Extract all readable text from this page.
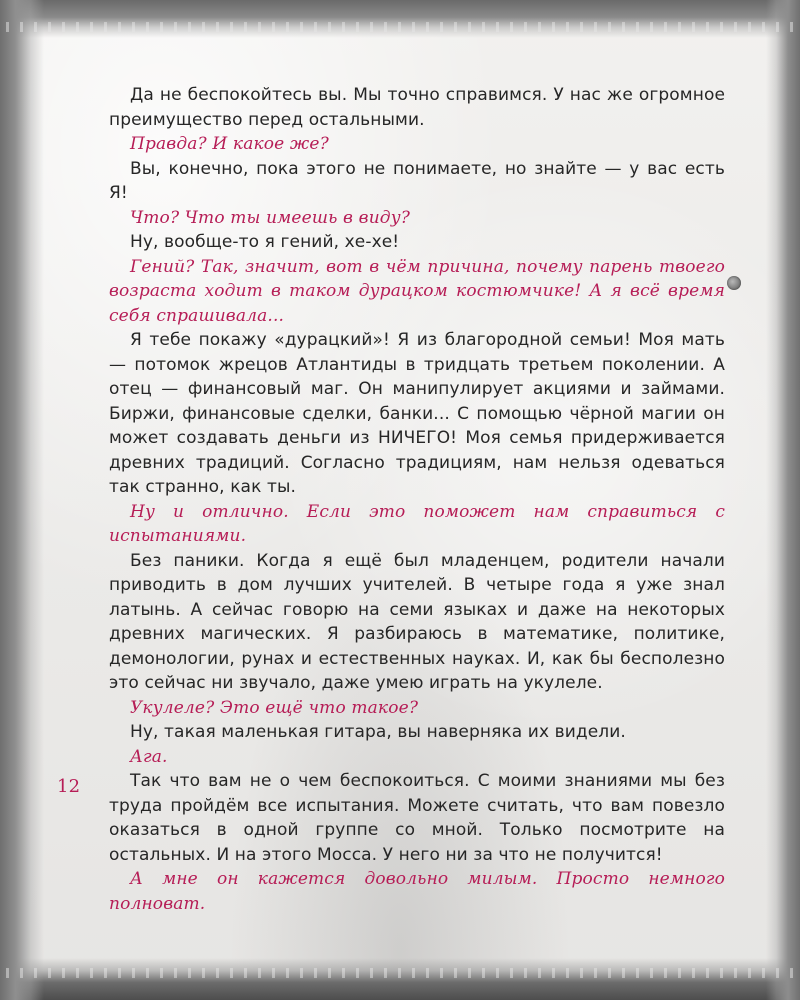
Да не беспокойтесь вы. Мы точно справимся. У нас же огромное преимущество перед остальными.

Правда? И какое же?

Вы, конечно, пока этого не понимаете, но знайте — у вас есть Я!

Что? Что ты имеешь в виду?

Ну, вообще-то я гений, хе-хе!

Гений? Так, значит, вот в чём причина, почему парень твоего возраста ходит в таком дурацком костюмчике! А я всё время себя спрашивала...

Я тебе покажу «дурацкий»! Я из благородной семьи! Моя мать — потомок жрецов Атлантиды в тридцать третьем поколении. А отец — финансовый маг. Он манипулирует акциями и займами. Биржи, финансовые сделки, банки... С помощью чёрной магии он может создавать деньги из НИЧЕГО! Моя семья придерживается древних традиций. Согласно традициям, нам нельзя одеваться так странно, как ты.

Ну и отлично. Если это поможет нам справиться с испытаниями.

Без паники. Когда я ещё был младенцем, родители начали приводить в дом лучших учителей. В четыре года я уже знал латынь. А сейчас говорю на семи языках и даже на некоторых древних магических. Я разбираюсь в математике, политике, демонологии, рунах и естественных науках. И, как бы бесполезно это сейчас ни звучало, даже умею играть на укулеле.

Укулеле? Это ещё что такое?

Ну, такая маленькая гитара, вы наверняка их видели.

Ага.

Так что вам не о чем беспокоиться. С моими знаниями мы без труда пройдём все испытания. Можете считать, что вам повезло оказаться в одной группе со мной. Только посмотрите на остальных. И на этого Мосса. У него ни за что не получится!

А мне он кажется довольно милым. Просто немного полноват.

12
